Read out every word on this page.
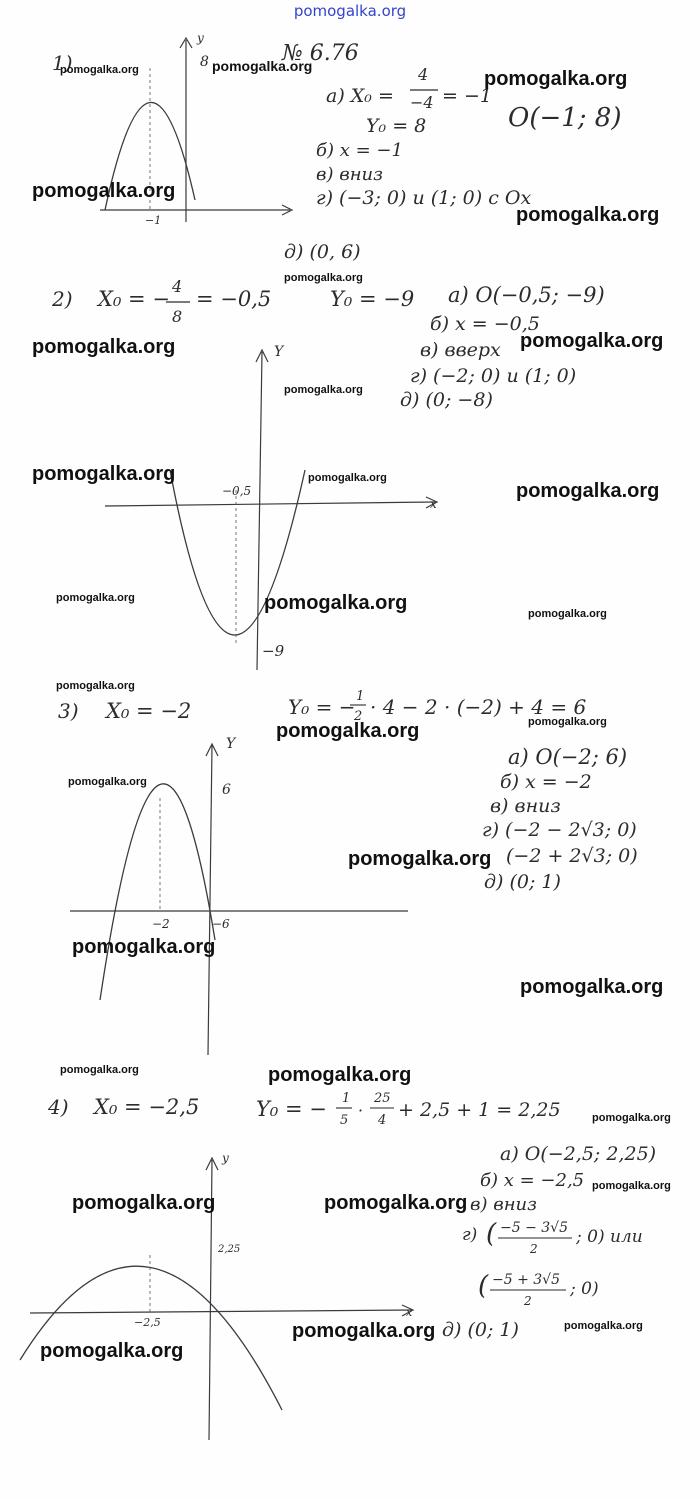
pomogalka.org
1)	№ 6.76
y
8
−1
а) X₀ =
4
−4 = −1
Y₀ = 8	O(−1; 8)
б) x = −1
в) вниз
г) (−3; 0) и (1; 0) с Ox
д) (0, 6)
2) X₀ = −
4
8
= −0,5	Y₀ = −9 а) O(−0,5; −9)
б) x = −0,5
в) вверх
г) (−2; 0) и (1; 0)
д) (0; −8)
Y
x
−0,5
−9
3) X₀ = −2	Y₀ = − 1
2 · 4 − 2 · (−2) + 4 = 6
а) O(−2; 6)
б) x = −2
в) вниз
г) (−2 − 2√3; 0)
(−2 + 2√3; 0)
д) (0; 1)
Y
6
−2	−6
4) X₀ = −2,5	Y₀ = − 1
5
·
25
4 + 2,5 + 1 = 2,25
а) O(−2,5; 2,25)
б) x = −2,5
в) вниз
г) ( −5 − 3√5
2
; 0) или
( −5 + 3√5
2
; 0)
д) (0; 1)
y
x
2,25
−2,5
pomogalka.org	pomogalka.org
pomogalka.org
pomogalka.org
pomogalka.org
pomogalka.org
pomogalka.org	pomogalka.org
pomogalka.org
pomogalka.org	pomogalka.org
pomogalka.org
pomogalka.org	pomogalka.org	pomogalka.org
pomogalka.org
pomogalka.org	pomogalka.org
pomogalka.org
pomogalka.org
pomogalka.org
pomogalka.org
pomogalka.org	pomogalka.org
pomogalka.org
pomogalka.org
pomogalka.org	pomogalka.org
pomogalka.org	pomogalka.org
pomogalka.org
